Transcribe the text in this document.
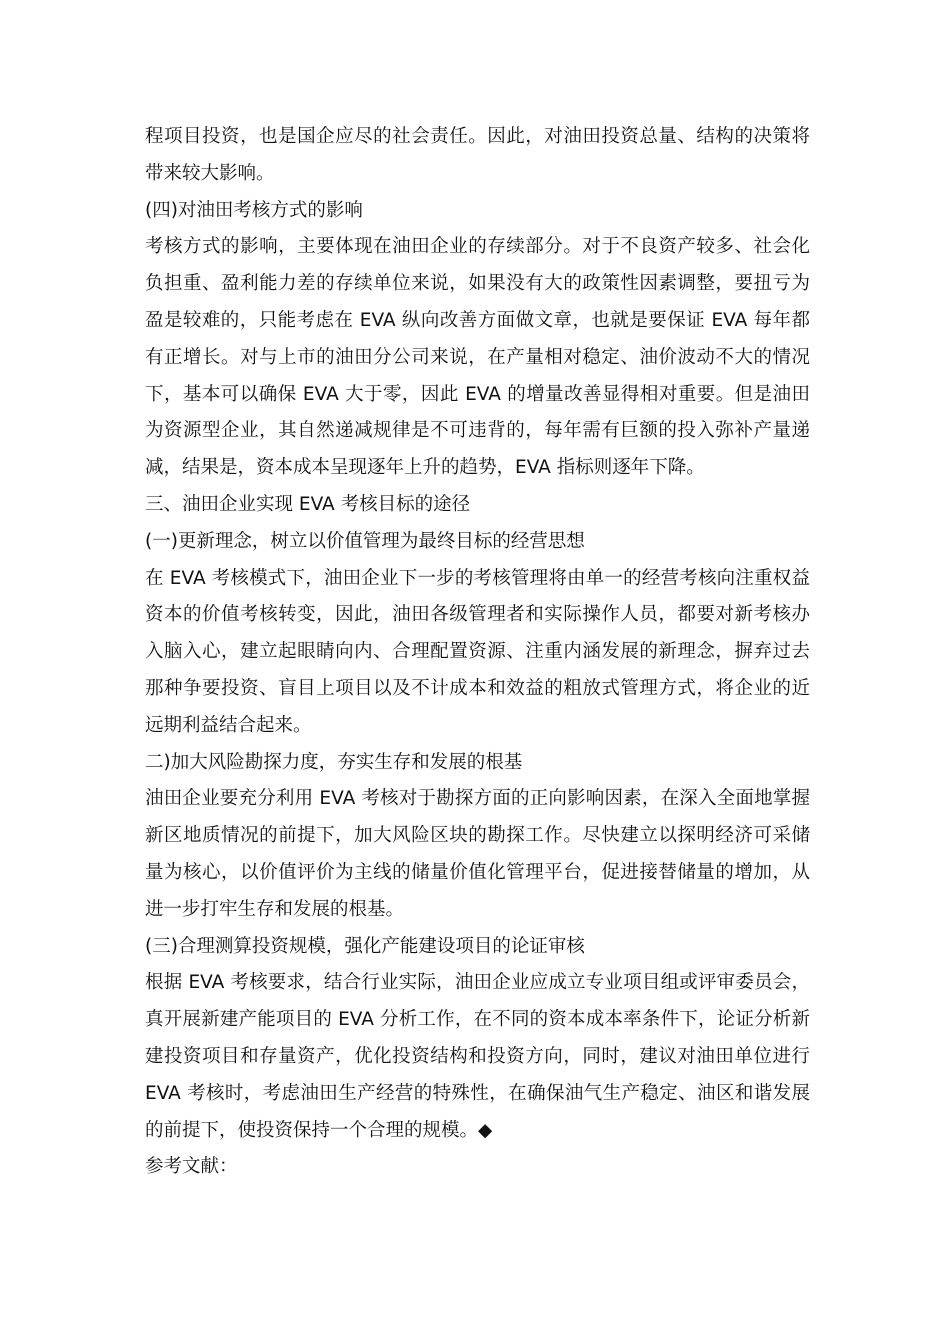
程项目投资，也是国企应尽的社会责任。因此，对油田投资总量、结构的决策将
带来较大影响。
(四)对油田考核方式的影响
考核方式的影响，主要体现在油田企业的存续部分。对于不良资产较多、社会化
负担重、盈利能力差的存续单位来说，如果没有大的政策性因素调整，要扭亏为
盈是较难的，只能考虑在 EVA 纵向改善方面做文章，也就是要保证 EVA 每年都
有正增长。对与上市的油田分公司来说，在产量相对稳定、油价波动不大的情况
下，基本可以确保 EVA 大于零，因此 EVA 的增量改善显得相对重要。但是油田
为资源型企业，其自然递减规律是不可违背的，每年需有巨额的投入弥补产量递
减，结果是，资本成本呈现逐年上升的趋势，EVA 指标则逐年下降。
三、油田企业实现 EVA 考核目标的途径
(一)更新理念，树立以价值管理为最终目标的经营思想
在 EVA 考核模式下，油田企业下一步的考核管理将由单一的经营考核向注重权益
资本的价值考核转变，因此，油田各级管理者和实际操作人员，都要对新考核办
入脑入心，建立起眼睛向内、合理配置资源、注重内涵发展的新理念，摒弃过去
那种争要投资、盲目上项目以及不计成本和效益的粗放式管理方式，将企业的近
远期利益结合起来。
二)加大风险勘探力度，夯实生存和发展的根基
油田企业要充分利用 EVA 考核对于勘探方面的正向影响因素，在深入全面地掌握
新区地质情况的前提下，加大风险区块的勘探工作。尽快建立以探明经济可采储
量为核心，以价值评价为主线的储量价值化管理平台，促进接替储量的增加，从
进一步打牢生存和发展的根基。
(三)合理测算投资规模，强化产能建设项目的论证审核
根据 EVA 考核要求，结合行业实际，油田企业应成立专业项目组或评审委员会，
真开展新建产能项目的 EVA 分析工作，在不同的资本成本率条件下，论证分析新
建投资项目和存量资产，优化投资结构和投资方向，同时，建议对油田单位进行
EVA 考核时，考虑油田生产经营的特殊性，在确保油气生产稳定、油区和谐发展
的前提下，使投资保持一个合理的规模。◆
参考文献：
